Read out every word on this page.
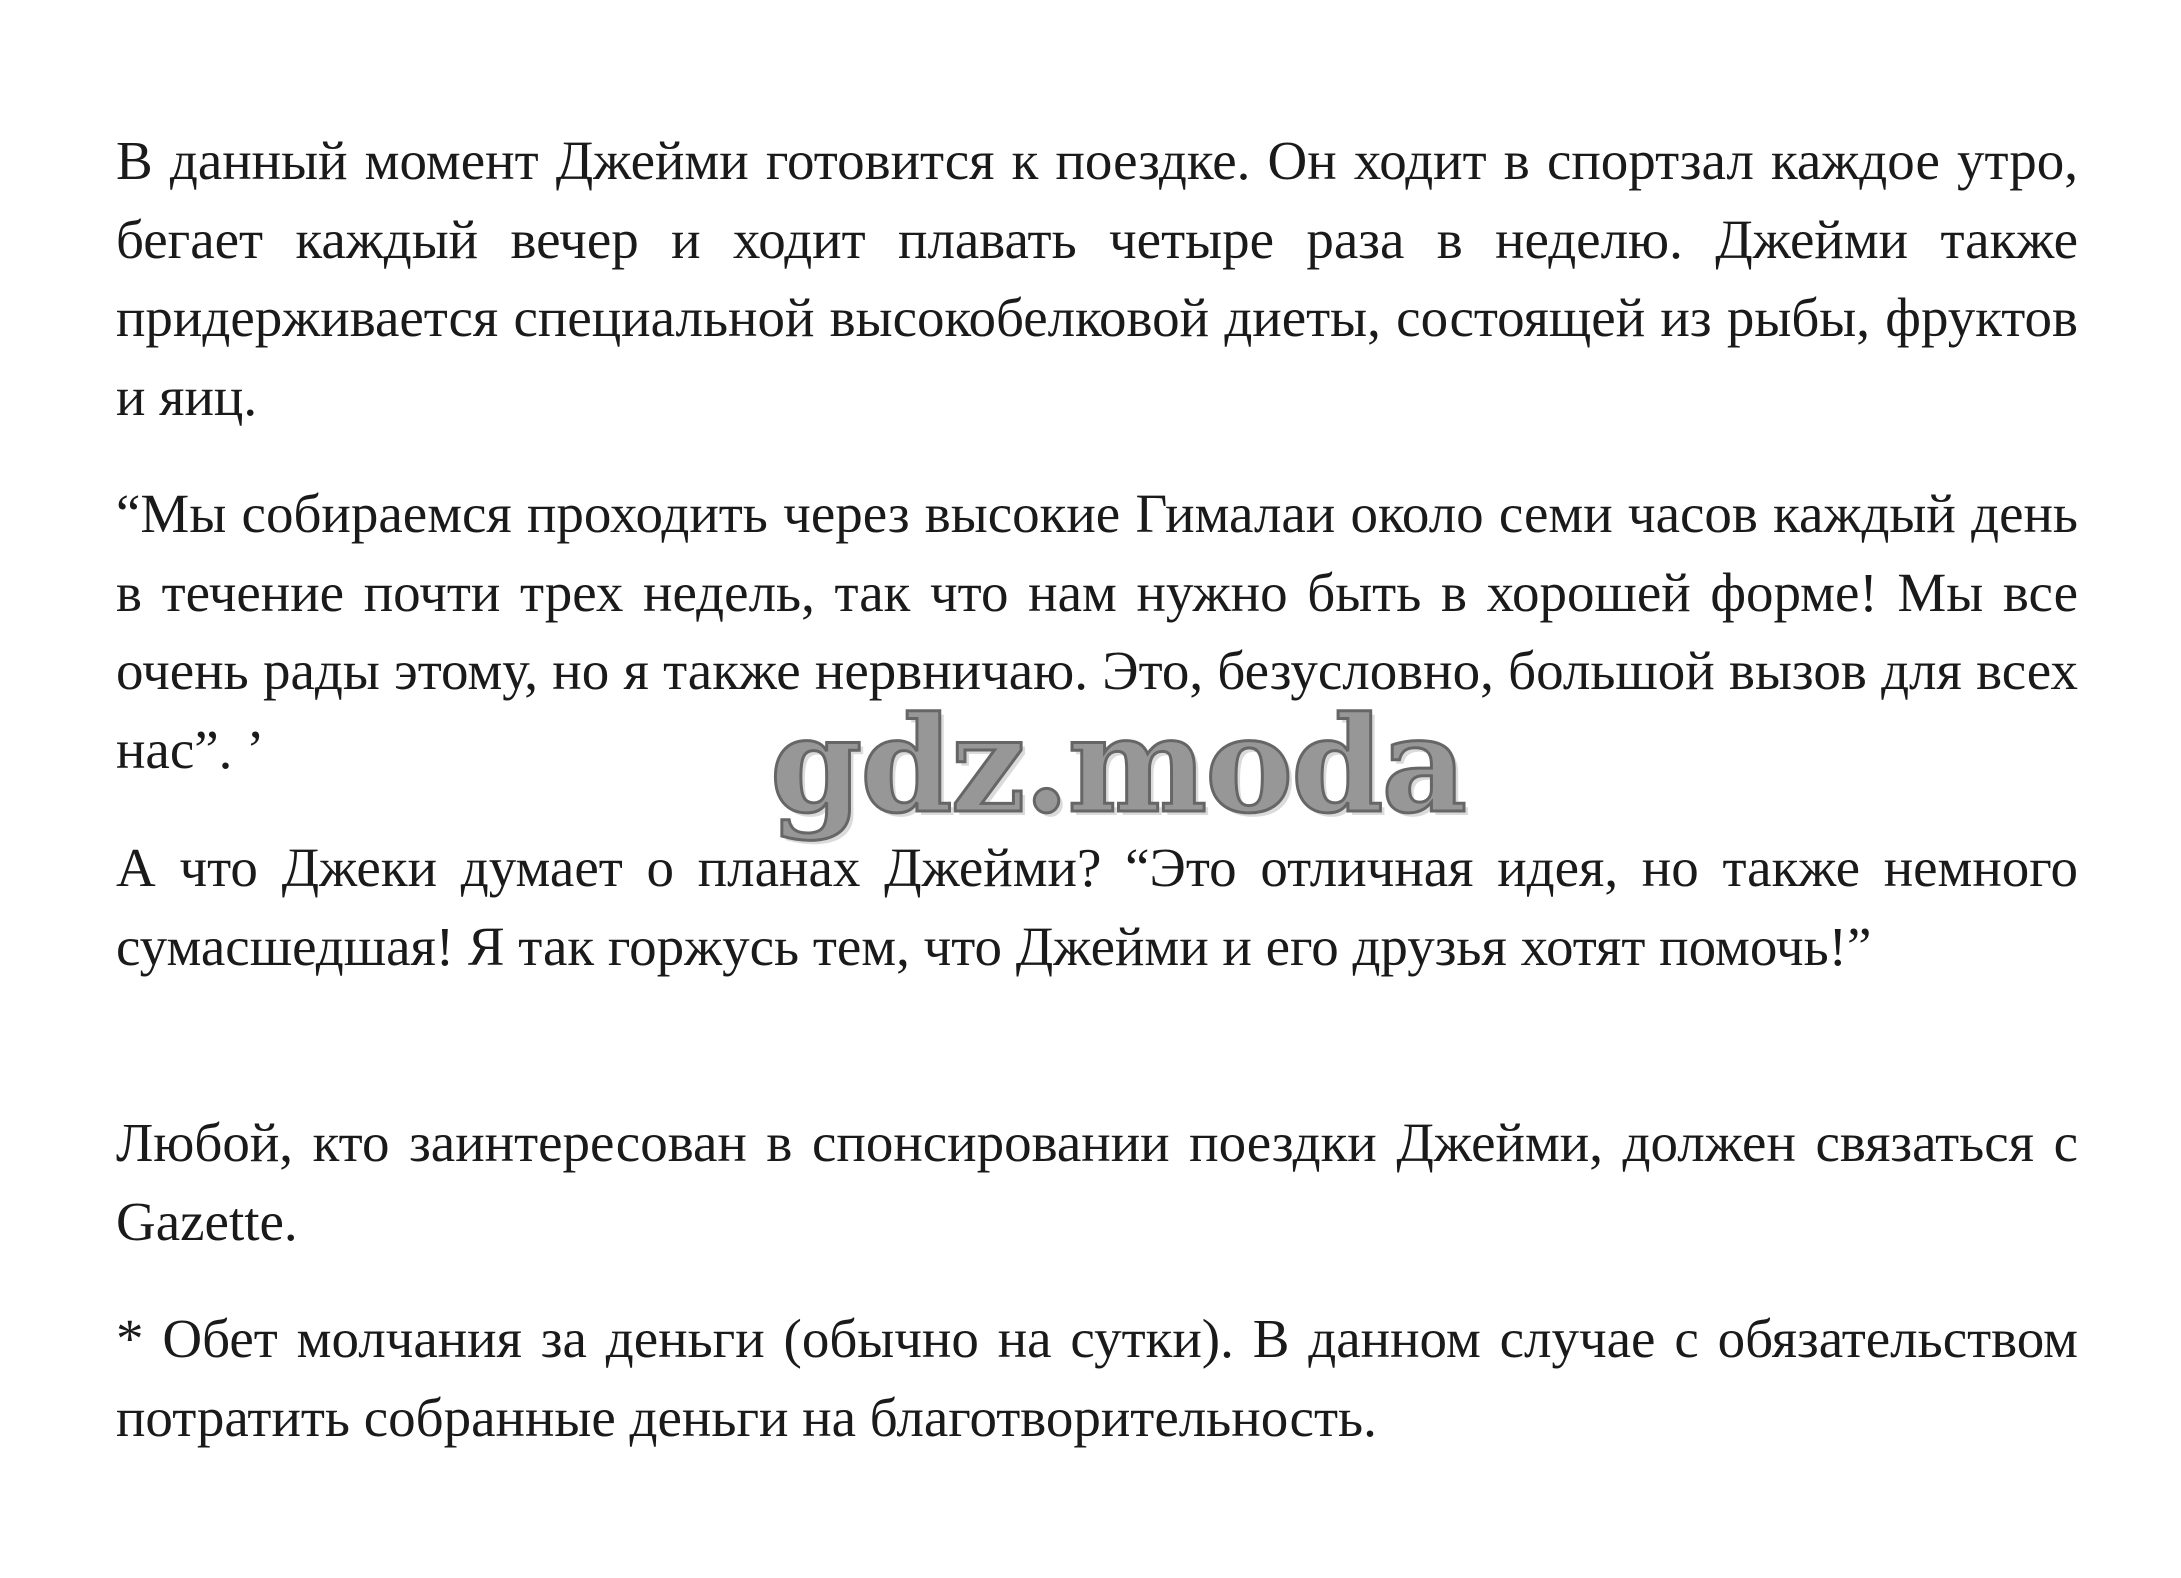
В данный момент Джейми готовится к поездке. Он ходит в спортзал каждое утро, бегает каждый вечер и ходит плавать четыре раза в неделю. Джейми также придерживается специальной высокобелковой диеты, состоящей из рыбы, фруктов и яиц.

“Мы собираемся проходить через высокие Гималаи около семи часов каждый день в течение почти трех недель, так что нам нужно быть в хорошей форме! Мы все очень рады этому, но я также нервничаю. Это, безусловно, большой вызов для всех нас”. ’

А что Джеки думает о планах Джейми? “Это отличная идея, но также немного сумасшедшая! Я так горжусь тем, что Джейми и его друзья хотят помочь!”

Любой, кто заинтересован в спонсировании поездки Джейми, должен связаться с Gazette.

* Обет молчания за деньги (обычно на сутки). В данном случае с обязательством потратить собранные деньги на благотворительность.

gdz.moda
